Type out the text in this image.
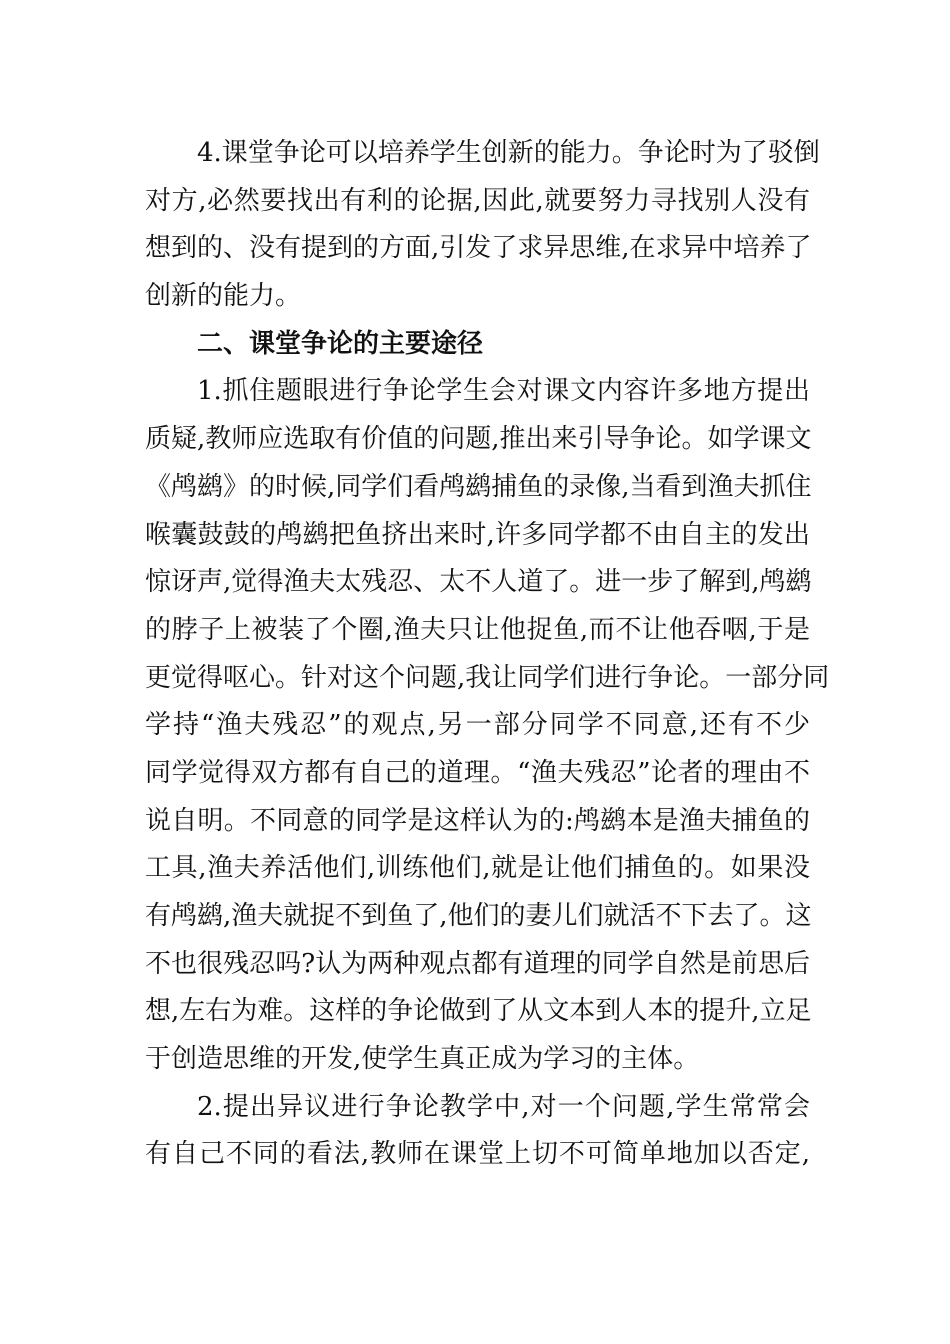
4.课堂争论可以培养学生创新的能力。争论时为了驳倒
对方,必然要找出有利的论据,因此,就要努力寻找别人没有
想到的、没有提到的方面,引发了求异思维,在求异中培养了
创新的能力。
二、课堂争论的主要途径
1.抓住题眼进行争论学生会对课文内容许多地方提出
质疑,教师应选取有价值的问题,推出来引导争论。如学课文
《鸬鹚》的时候,同学们看鸬鹚捕鱼的录像,当看到渔夫抓住
喉囊鼓鼓的鸬鹚把鱼挤出来时,许多同学都不由自主的发出
惊讶声,觉得渔夫太残忍、太不人道了。进一步了解到,鸬鹚
的脖子上被装了个圈,渔夫只让他捉鱼,而不让他吞咽,于是
更觉得呕心。针对这个问题,我让同学们进行争论。一部分同
学持“渔夫残忍”的观点,另一部分同学不同意,还有不少
同学觉得双方都有自己的道理。“渔夫残忍”论者的理由不
说自明。不同意的同学是这样认为的:鸬鹚本是渔夫捕鱼的
工具,渔夫养活他们,训练他们,就是让他们捕鱼的。如果没
有鸬鹚,渔夫就捉不到鱼了,他们的妻儿们就活不下去了。这
不也很残忍吗?认为两种观点都有道理的同学自然是前思后
想,左右为难。这样的争论做到了从文本到人本的提升,立足
于创造思维的开发,使学生真正成为学习的主体。
2.提出异议进行争论教学中,对一个问题,学生常常会
有自己不同的看法,教师在课堂上切不可简单地加以否定,
